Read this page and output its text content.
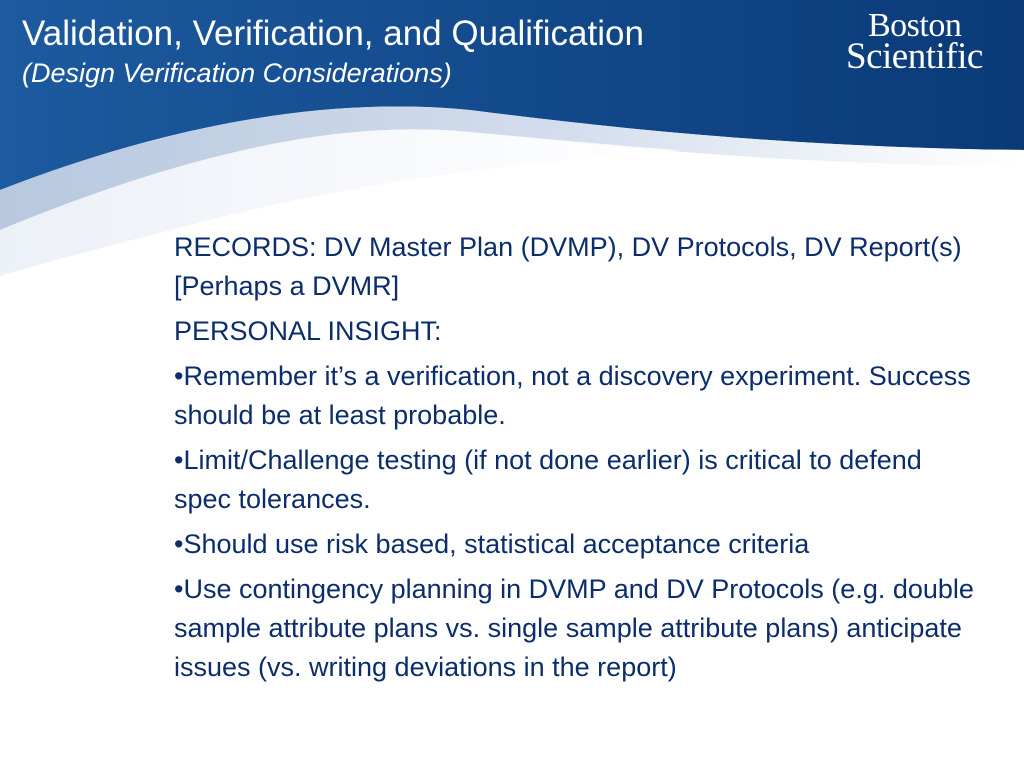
Validation, Verification, and Qualification
(Design Verification Considerations)
Boston
Scientific

RECORDS: DV Master Plan (DVMP), DV Protocols, DV Report(s) [Perhaps a DVMR]

PERSONAL INSIGHT:

•Remember it’s a verification, not a discovery experiment. Success should be at least probable.

•Limit/Challenge testing (if not done earlier) is critical to defend spec tolerances.

•Should use risk based, statistical acceptance criteria

•Use contingency planning in DVMP and DV Protocols (e.g. double sample attribute plans vs. single sample attribute plans) anticipate issues (vs. writing deviations in the report)
